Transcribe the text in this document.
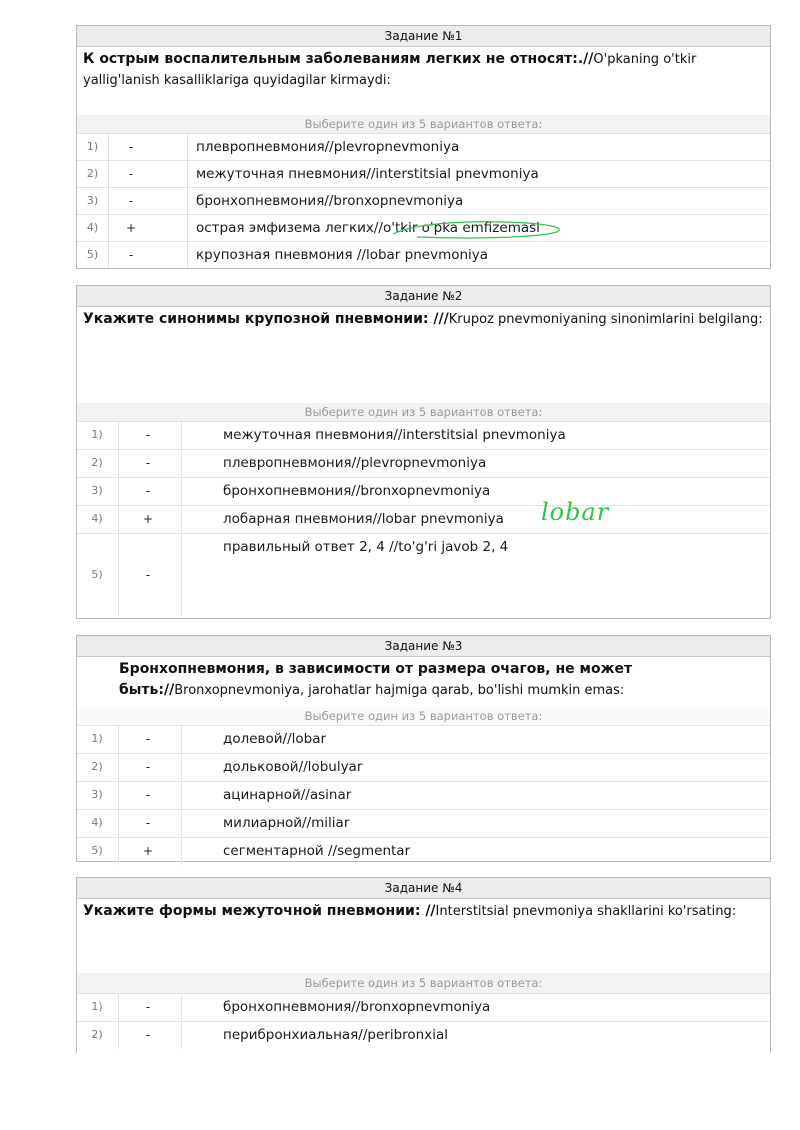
Задание №1
К острым воспалительным заболеваниям легких не относят:.//O'pkaning o'tkir yallig'lanish kasalliklariga quyidagilar kirmaydi:
Выберите один из 5 вариантов ответа:
1)	-	плевропневмония//plevropnevmoniya
2)	-	межуточная пневмония//interstitsial pnevmoniya
3)	-	бронхопневмония//bronxopnevmoniya
4)	+	острая эмфизема легких//o'tkir o'pka emfizemasi
5)	-	крупозная пневмония //lobar pnevmoniya
Задание №2
Укажите синонимы крупозной пневмонии: ///Krupoz pnevmoniyaning sinonimlarini belgilang:
Выберите один из 5 вариантов ответа:
1)	-	межуточная пневмония//interstitsial pnevmoniya
2)	-	плевропневмония//plevropnevmoniya
3)	-	бронхопневмония//bronxopnevmoniya
4)	+	лобарная пневмония//lobar pnevmoniya lobar
5)	-
правильный ответ 2, 4 //to'g'ri javob 2, 4
Задание №3
Бронхопневмония, в зависимости от размера очагов, не может быть://Bronxopnevmoniya, jarohatlar hajmiga qarab, bo'lishi mumkin emas:
Выберите один из 5 вариантов ответа:
1)	-	долевой//lobar
2)	-	дольковой//lobulyar
3)	-	ацинарной//asinar
4)	-	милиарной//miliar
5)	+	сегментарной //segmentar
Задание №4
Укажите формы межуточной пневмонии: //Interstitsial pnevmoniya shakllarini ko'rsating:
Выберите один из 5 вариантов ответа:
1)	-	бронхопневмония//bronxopnevmoniya
2)	-	перибронхиальная//peribronxial
